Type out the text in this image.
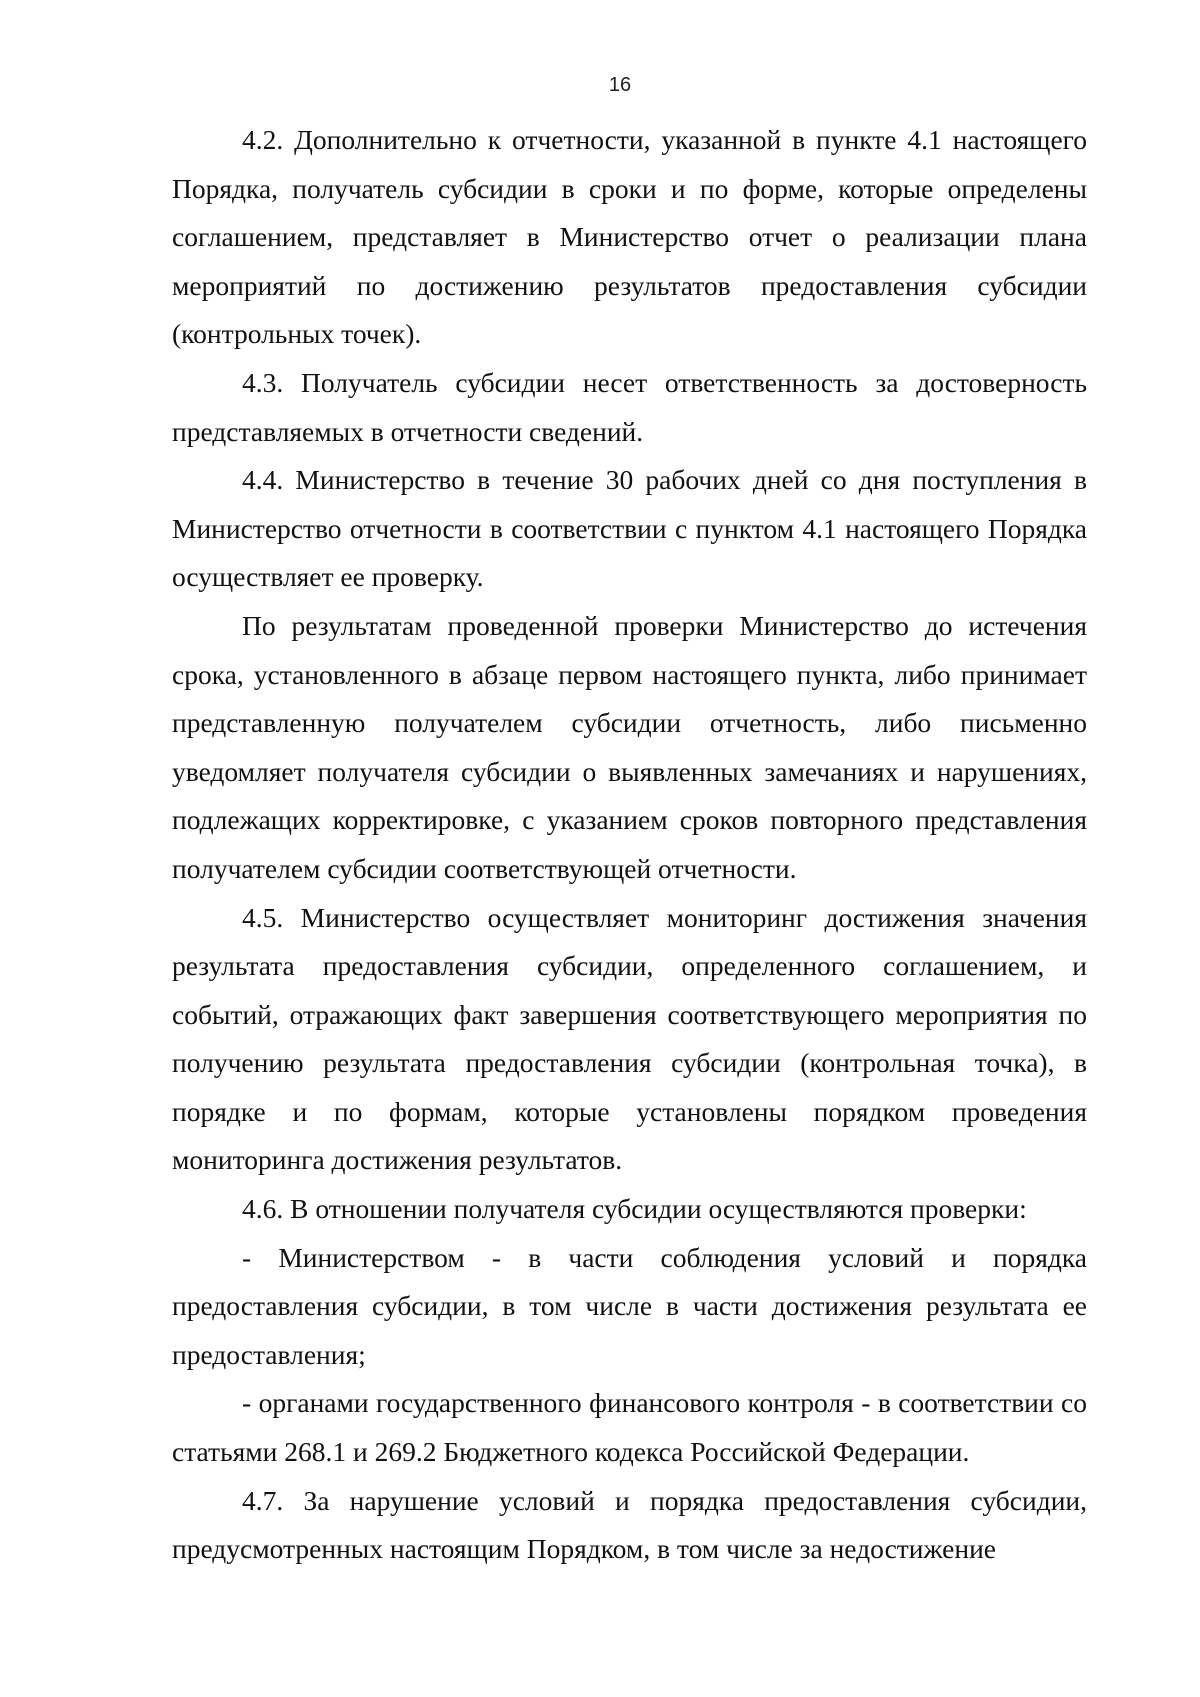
16

4.2. Дополнительно к отчетности, указанной в пункте 4.1 настоящего Порядка, получатель субсидии в сроки и по форме, которые определены соглашением, представляет в Министерство отчет о реализации плана мероприятий по достижению результатов предоставления субсидии (контрольных точек).

4.3. Получатель субсидии несет ответственность за достоверность представляемых в отчетности сведений.

4.4. Министерство в течение 30 рабочих дней со дня поступления в Министерство отчетности в соответствии с пунктом 4.1 настоящего Порядка осуществляет ее проверку.

По результатам проведенной проверки Министерство до истечения срока, установленного в абзаце первом настоящего пункта, либо принимает представленную получателем субсидии отчетность, либо письменно уведомляет получателя субсидии о выявленных замечаниях и нарушениях, подлежащих корректировке, с указанием сроков повторного представления получателем субсидии соответствующей отчетности.

4.5. Министерство осуществляет мониторинг достижения значения результата предоставления субсидии, определенного соглашением, и событий, отражающих факт завершения соответствующего мероприятия по получению результата предоставления субсидии (контрольная точка), в порядке и по формам, которые установлены порядком проведения мониторинга достижения результатов.

4.6. В отношении получателя субсидии осуществляются проверки:

- Министерством - в части соблюдения условий и порядка предоставления субсидии, в том числе в части достижения результата ее предоставления;

- органами государственного финансового контроля - в соответствии со статьями 268.1 и 269.2 Бюджетного кодекса Российской Федерации.

4.7. За нарушение условий и порядка предоставления субсидии, предусмотренных настоящим Порядком, в том числе за недостижение
